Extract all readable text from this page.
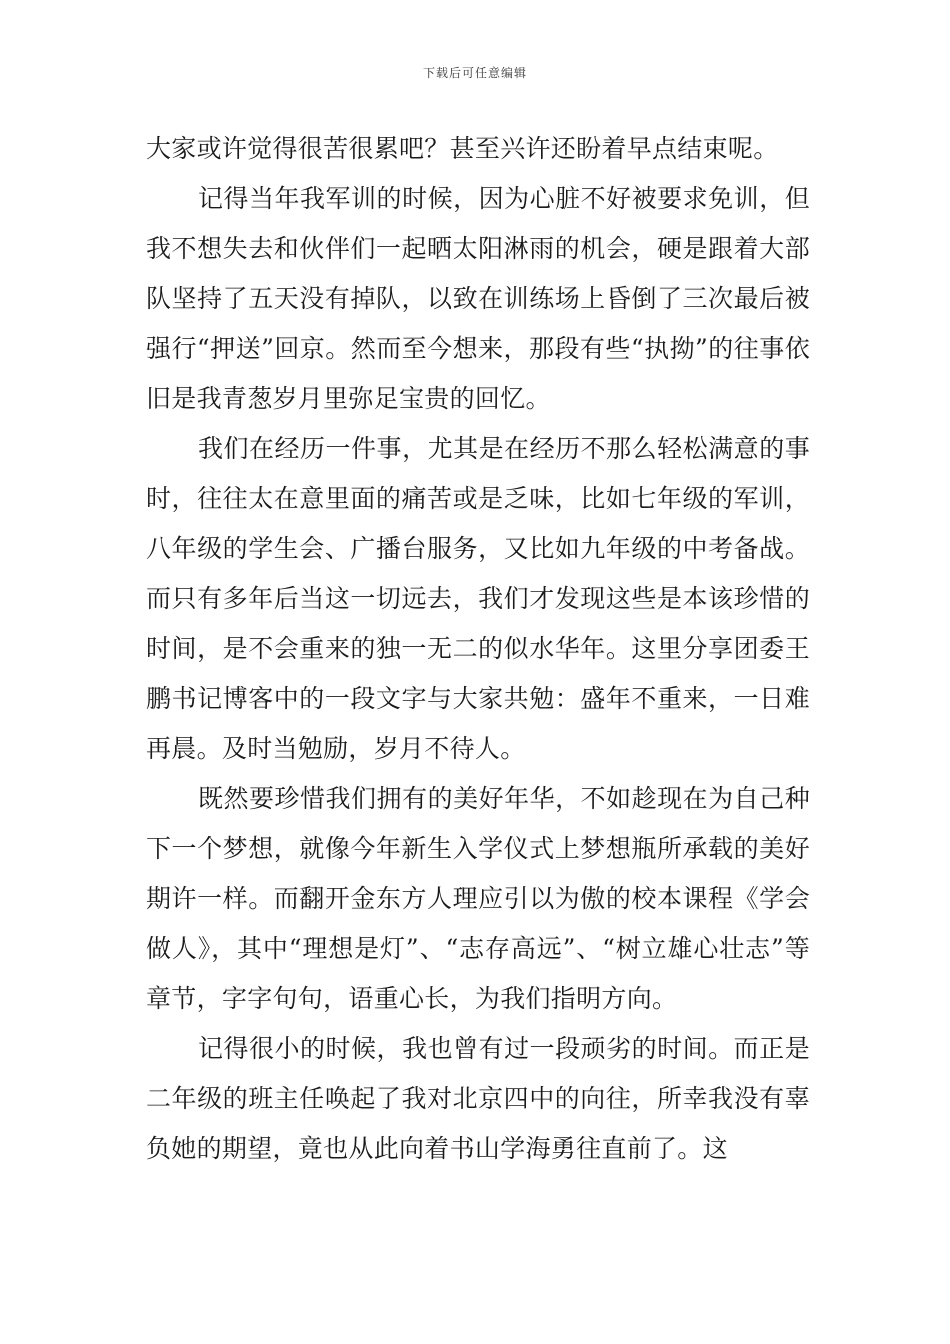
下载后可任意编辑

大家或许觉得很苦很累吧？甚至兴许还盼着早点结束呢。

记得当年我军训的时候，因为心脏不好被要求免训，但我不想失去和伙伴们一起晒太阳淋雨的机会，硬是跟着大部队坚持了五天没有掉队，以致在训练场上昏倒了三次最后被强行“押送”回京。然而至今想来，那段有些“执拗”的往事依旧是我青葱岁月里弥足宝贵的回忆。

我们在经历一件事，尤其是在经历不那么轻松满意的事时，往往太在意里面的痛苦或是乏味，比如七年级的军训，八年级的学生会、广播台服务，又比如九年级的中考备战。而只有多年后当这一切远去，我们才发现这些是本该珍惜的时间，是不会重来的独一无二的似水华年。这里分享团委王鹏书记博客中的一段文字与大家共勉：盛年不重来，一日难再晨。及时当勉励，岁月不待人。

既然要珍惜我们拥有的美好年华，不如趁现在为自己种下一个梦想，就像今年新生入学仪式上梦想瓶所承载的美好期许一样。而翻开金东方人理应引以为傲的校本课程《学会做人》，其中“理想是灯”、“志存高远”、“树立雄心壮志”等章节，字字句句，语重心长，为我们指明方向。

记得很小的时候，我也曾有过一段顽劣的时间。而正是二年级的班主任唤起了我对北京四中的向往，所幸我没有辜负她的期望，竟也从此向着书山学海勇往直前了。这
